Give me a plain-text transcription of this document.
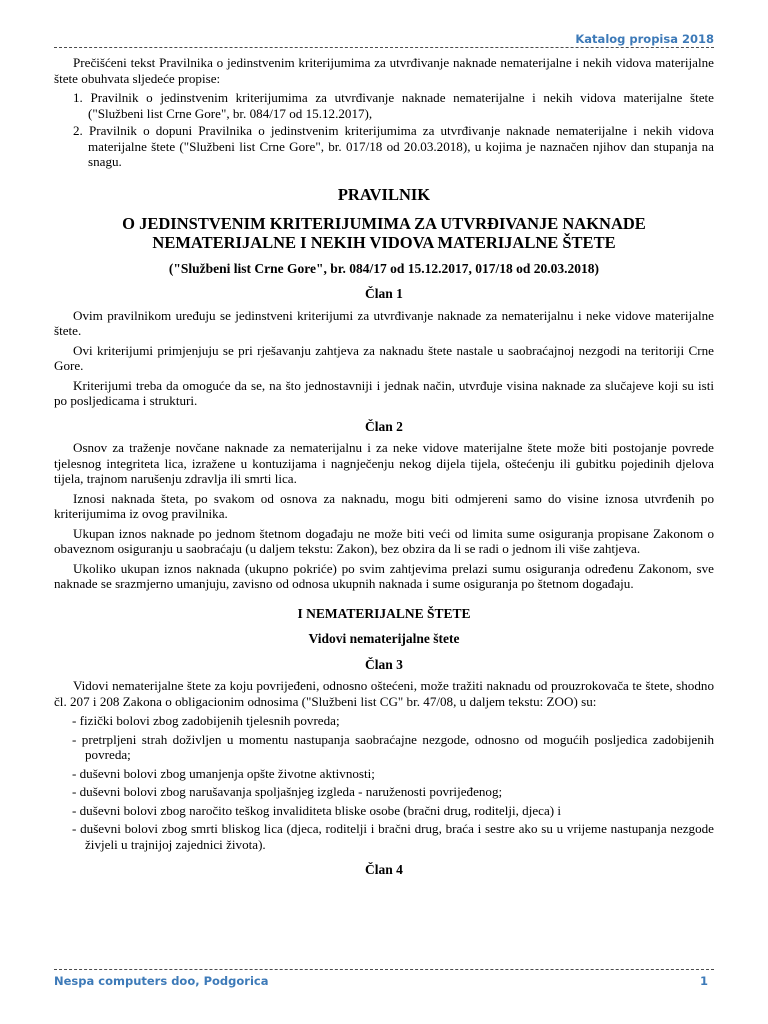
Katalog propisa 2018

Prečišćeni tekst Pravilnika o jedinstvenim kriterijumima za utvrđivanje naknade nematerijalne i nekih vidova materijalne štete obuhvata sljedeće propise:

1. Pravilnik o jedinstvenim kriterijumima za utvrđivanje naknade nematerijalne i nekih vidova materijalne štete ("Službeni list Crne Gore", br. 084/17 od 15.12.2017),

2. Pravilnik o dopuni Pravilnika o jedinstvenim kriterijumima za utvrđivanje naknade nematerijalne i nekih vidova materijalne štete ("Službeni list Crne Gore", br. 017/18 od 20.03.2018), u kojima je naznačen njihov dan stupanja na snagu.

PRAVILNIK
O JEDINSTVENIM KRITERIJUMIMA ZA UTVRĐIVANJE NAKNADE NEMATERIJALNE I NEKIH VIDOVA MATERIJALNE ŠTETE
("Službeni list Crne Gore", br. 084/17 od 15.12.2017, 017/18 od 20.03.2018)
Član 1

Ovim pravilnikom uređuju se jedinstveni kriterijumi za utvrđivanje naknade za nematerijalnu i neke vidove materijalne štete.

Ovi kriterijumi primjenjuju se pri rješavanju zahtjeva za naknadu štete nastale u saobraćajnoj nezgodi na teritoriji Crne Gore.

Kriterijumi treba da omoguće da se, na što jednostavniji i jednak način, utvrđuje visina naknade za slučajeve koji su isti po posljedicama i strukturi.

Član 2

Osnov za traženje novčane naknade za nematerijalnu i za neke vidove materijalne štete može biti postojanje povrede tjelesnog integriteta lica, izražene u kontuzijama i nagnječenju nekog dijela tijela, oštećenju ili gubitku pojedinih djelova tijela, trajnom narušenju zdravlja ili smrti lica.

Iznosi naknada šteta, po svakom od osnova za naknadu, mogu biti odmjereni samo do visine iznosa utvrđenih po kriterijumima iz ovog pravilnika.

Ukupan iznos naknade po jednom štetnom događaju ne može biti veći od limita sume osiguranja propisane Zakonom o obaveznom osiguranju u saobraćaju (u daljem tekstu: Zakon), bez obzira da li se radi o jednom ili više zahtjeva.

Ukoliko ukupan iznos naknada (ukupno pokriće) po svim zahtjevima prelazi sumu osiguranja određenu Zakonom, sve naknade se srazmjerno umanjuju, zavisno od odnosa ukupnih naknada i sume osiguranja po štetnom događaju.

I NEMATERIJALNE ŠTETE
Vidovi nematerijalne štete
Član 3

Vidovi nematerijalne štete za koju povrijeđeni, odnosno oštećeni, može tražiti naknadu od prouzrokovača te štete, shodno čl. 207 i 208 Zakona o obligacionim odnosima ("Službeni list CG" br. 47/08, u daljem tekstu: ZOO) su:

- fizički bolovi zbog zadobijenih tjelesnih povreda;

- pretrpljeni strah doživljen u momentu nastupanja saobraćajne nezgode, odnosno od mogućih posljedica zadobijenih povreda;

- duševni bolovi zbog umanjenja opšte životne aktivnosti;

- duševni bolovi zbog narušavanja spoljašnjeg izgleda - naruženosti povrijeđenog;

- duševni bolovi zbog naročito teškog invaliditeta bliske osobe (bračni drug, roditelji, djeca) i

- duševni bolovi zbog smrti bliskog lica (djeca, roditelji i bračni drug, braća i sestre ako su u vrijeme nastupanja nezgode živjeli u trajnijoj zajednici života).

Član 4
Nespa computers doo, Podgorica	1
